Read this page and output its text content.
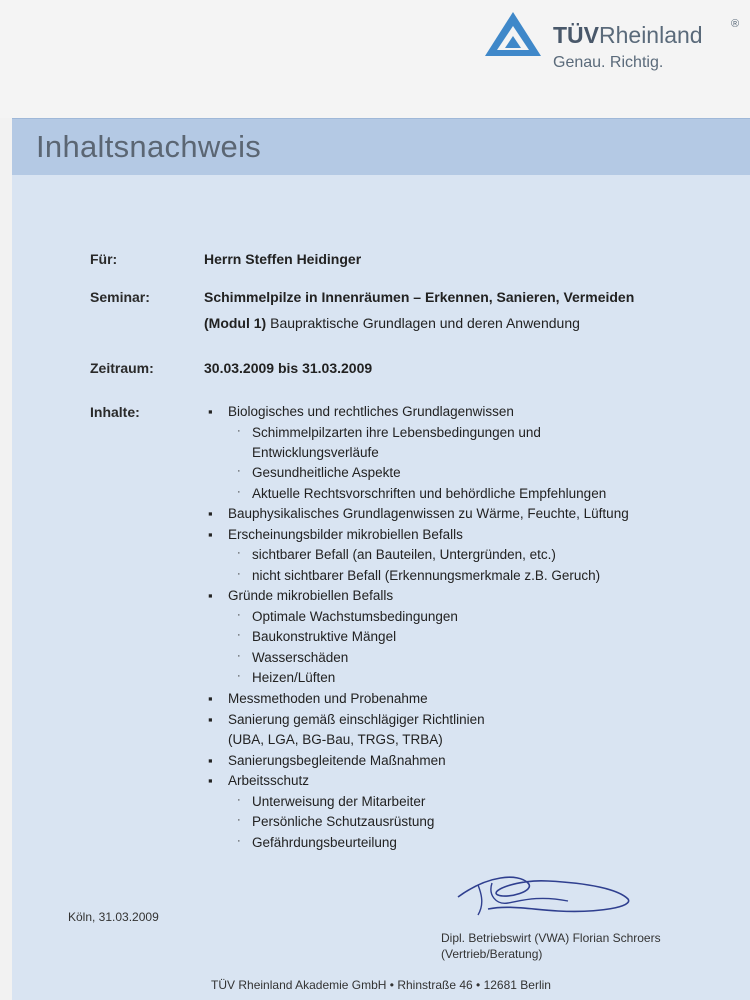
TÜVRheinland	®
Genau. Richtig.
Inhaltsnachweis
Für:	Herrn Steffen Heidinger
Seminar:	Schimmelpilze in Innenräumen – Erkennen, Sanieren, Vermeiden
(Modul 1) Baupraktische Grundlagen und deren Anwendung
Zeitraum:	30.03.2009 bis 31.03.2009
Inhalte:	▪ Biologisches und rechtliches Grundlagenwissen
· Schimmelpilzarten ihre Lebensbedingungen und
Entwicklungsverläufe
· Gesundheitliche Aspekte
· Aktuelle Rechtsvorschriften und behördliche Empfehlungen
▪ Bauphysikalisches Grundlagenwissen zu Wärme, Feuchte, Lüftung
▪ Erscheinungsbilder mikrobiellen Befalls
· sichtbarer Befall (an Bauteilen, Untergründen, etc.)
· nicht sichtbarer Befall (Erkennungsmerkmale z.B. Geruch)
▪ Gründe mikrobiellen Befalls
· Optimale Wachstumsbedingungen
· Baukonstruktive Mängel
· Wasserschäden
· Heizen/Lüften
▪ Messmethoden und Probenahme
▪ Sanierung gemäß einschlägiger Richtlinien
(UBA, LGA, BG-Bau, TRGS, TRBA)
▪ Sanierungsbegleitende Maßnahmen
▪ Arbeitsschutz
· Unterweisung der Mitarbeiter
· Persönliche Schutzausrüstung
· Gefährdungsbeurteilung
Köln, 31.03.2009
Dipl. Betriebswirt (VWA) Florian Schroers
(Vertrieb/Beratung)
TÜV Rheinland Akademie GmbH • Rhinstraße 46 • 12681 Berlin
